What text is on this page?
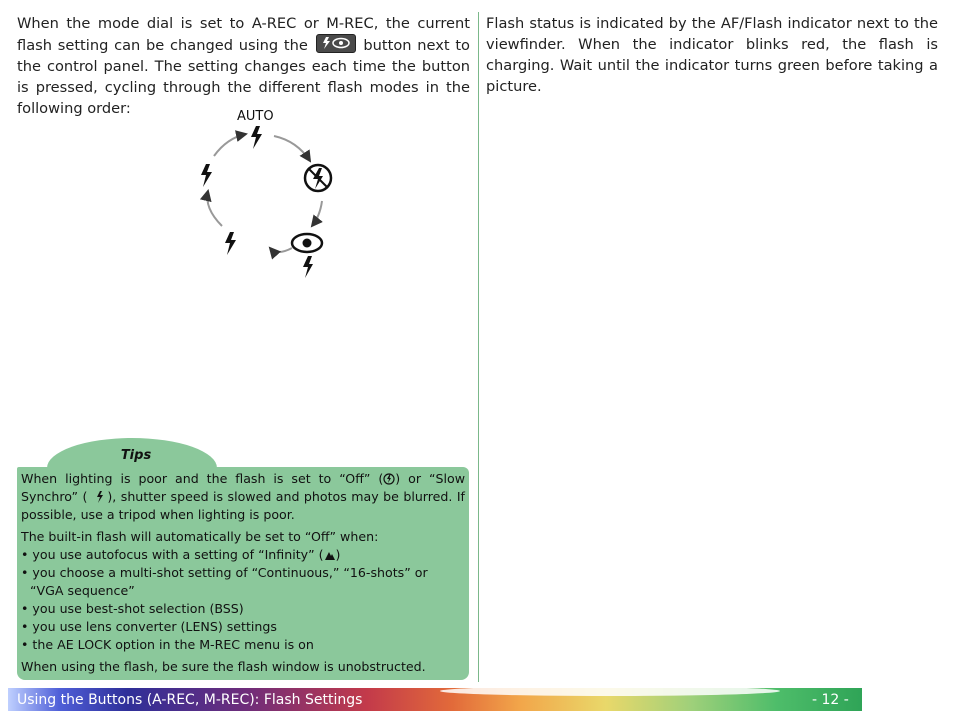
When the mode dial is set to A-REC or M-REC, the current flash setting can be changed using the	button next to the control panel. The setting changes each time the button is pressed, cycling through the different flash modes in the following order:
Flash status is indicated by the AF/Flash indicator next to the viewfinder. When the indicator blinks red, the flash is charging. Wait until the indicator turns green before taking a picture.
AUTO
Tips

When lighting is poor and the flash is set to “Off” ( ) or “Slow Synchro” ( ), shutter speed is slowed and photos may be blurred. If possible, use a tripod when lighting is poor.

The built-in flash will automatically be set to “Off” when:

• you use autofocus with a setting of “Infinity” ( )
• you choose a multi-shot setting of “Continuous,” “16-shots” or “VGA sequence”
• you use best-shot selection (BSS)
• you use lens converter (LENS) settings
• the AE LOCK option in the M-REC menu is on

When using the flash, be sure the flash window is unobstructed.

Using the Buttons (A-REC, M-REC): Flash Settings	- 12 -
